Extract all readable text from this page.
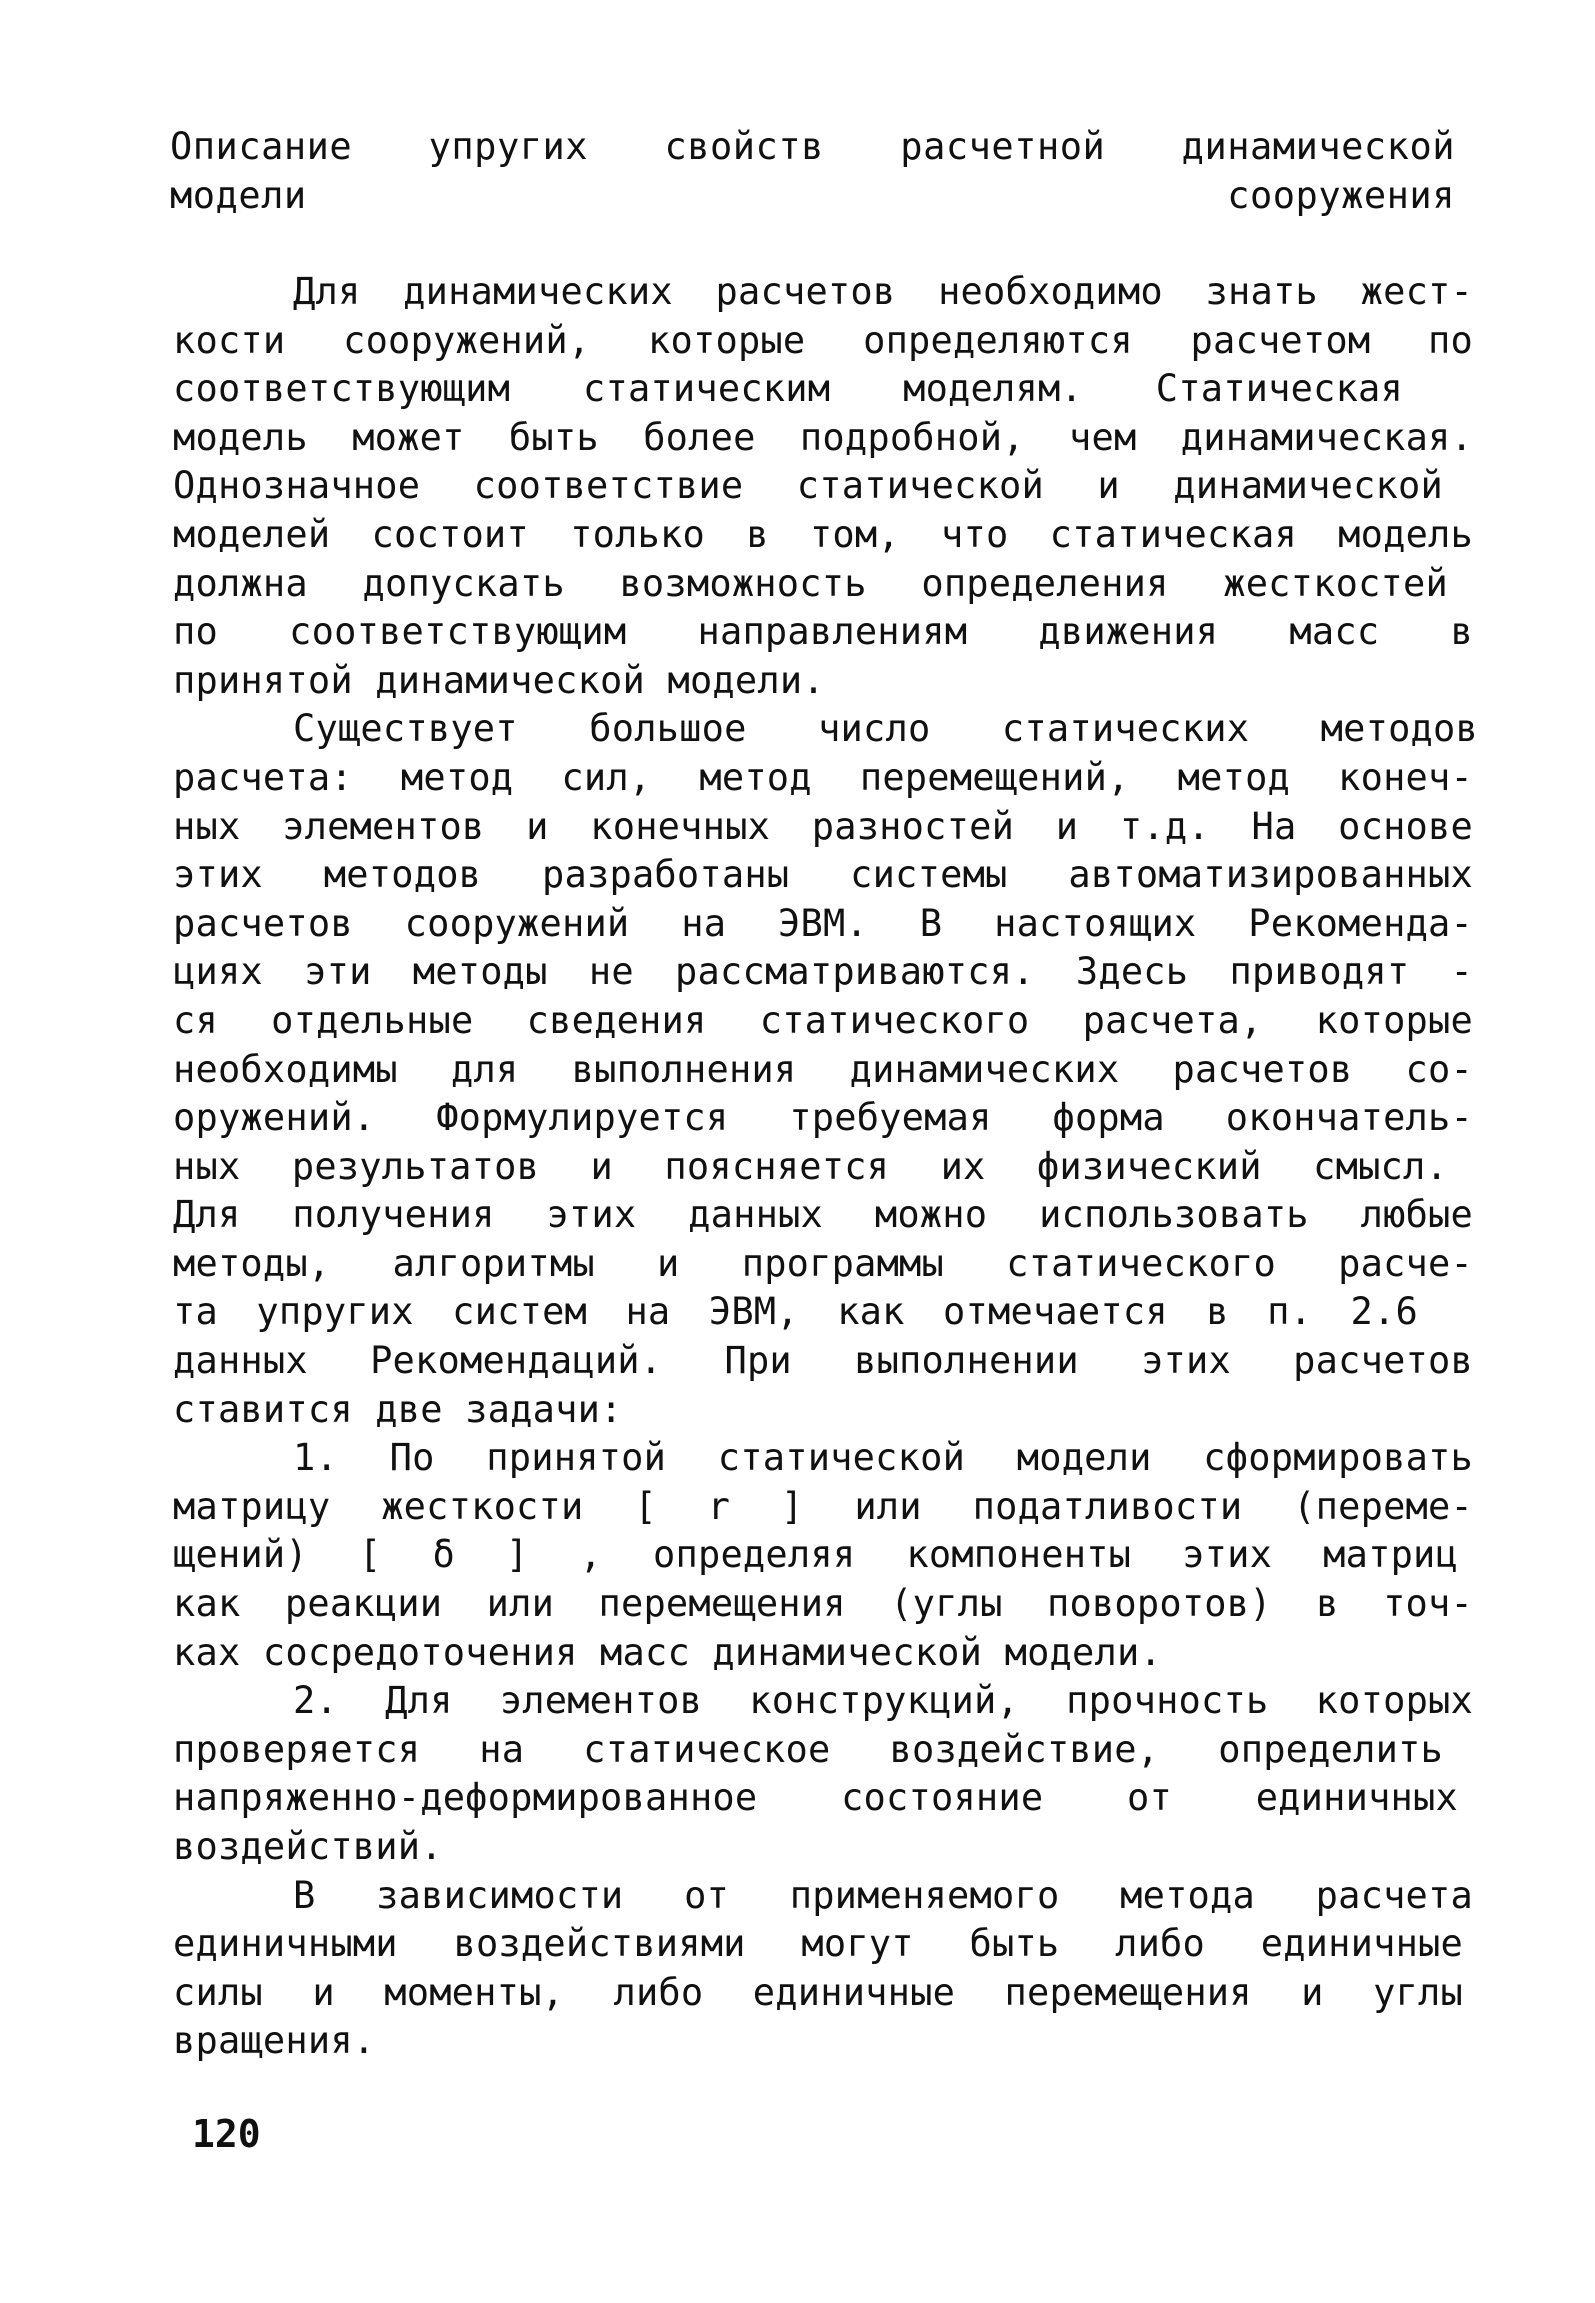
Описание упругих свойств расчетной динамической
модели сооружения
Для динамических расчетов необходимо знать жест-
кости сооружений, которые определяются расчетом по
соответствующим статическим моделям. Статическая
модель может быть более подробной, чем динамическая.
Однозначное соответствие статической и динамической
моделей состоит только в том, что статическая модель
должна допускать возможность определения жесткостей
по соответствующим направлениям движения масс в
принятой динамической модели.
Существует большое число статических методов
расчета: метод сил, метод перемещений, метод конеч-
ных элементов и конечных разностей и т.д. На основе
этих методов разработаны системы автоматизированных
расчетов сооружений на ЭВМ. В настоящих Рекоменда-
циях эти методы не рассматриваются. Здесь приводят -
ся отдельные сведения статического расчета, которые
необходимы для выполнения динамических расчетов со-
оружений. Формулируется требуемая форма окончатель-
ных результатов и поясняется их физический смысл.
Для получения этих данных можно использовать любые
методы, алгоритмы и программы статического расче-
та упругих систем на ЭВМ, как отмечается в п. 2.6
данных Рекомендаций. При выполнении этих расчетов
ставится две задачи:
1. По принятой статической модели сформировать
матрицу жесткости [ r ] или податливости (переме-
щений) [ δ ] , определяя компоненты этих матриц
как реакции или перемещения (углы поворотов) в точ-
ках сосредоточения масс динамической модели.
2. Для элементов конструкций, прочность которых
проверяется на статическое воздействие, определить
напряженно-деформированное состояние от единичных
воздействий.
В зависимости от применяемого метода расчета
единичными воздействиями могут быть либо единичные
силы и моменты, либо единичные перемещения и углы
вращения.

120
